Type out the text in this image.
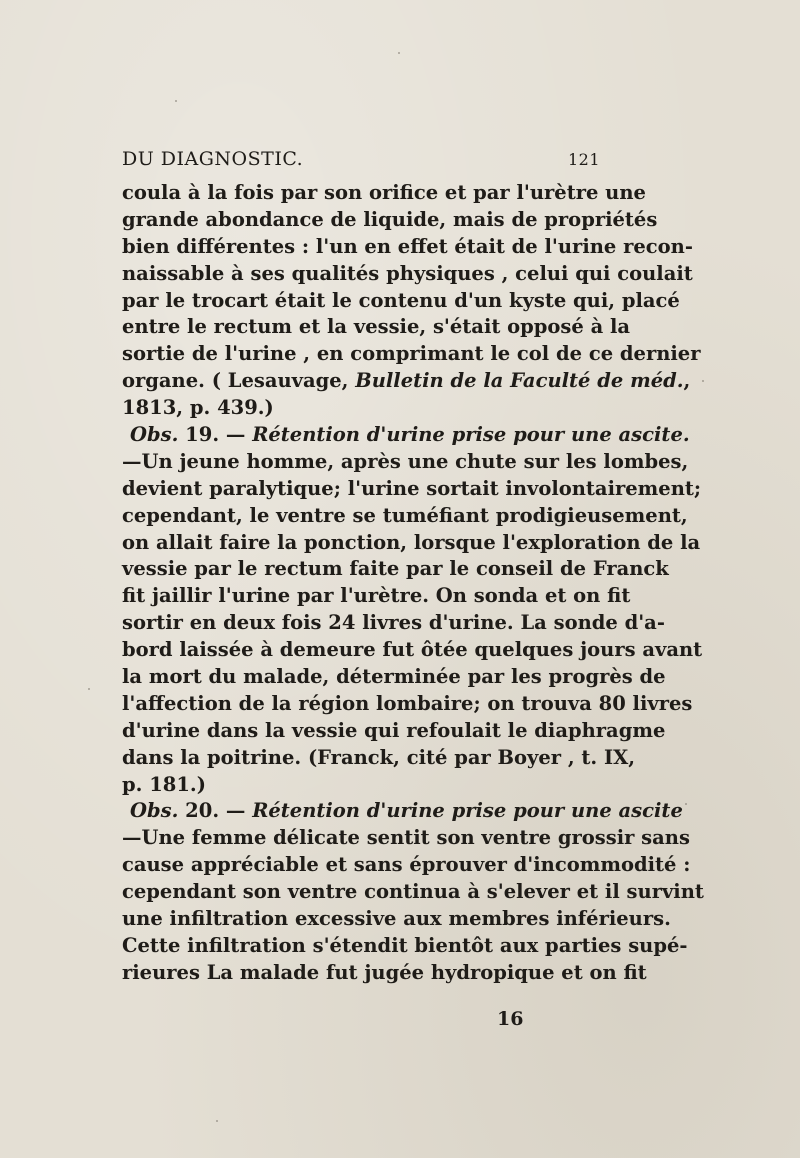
DU DIAGNOSTIC.	121
coula à la fois par son orifice et par l'urètre une
grande abondance de liquide, mais de propriétés
bien différentes : l'un en effet était de l'urine recon-
naissable à ses qualités physiques , celui qui coulait
par le trocart était le contenu d'un kyste qui, placé
entre le rectum et la vessie, s'était opposé à la
sortie de l'urine , en comprimant le col de ce dernier
organe. ( Lesauvage, Bulletin de la Faculté de méd.,
1813, p. 439.)
Obs. 19. — Rétention d'urine prise pour une ascite.
—Un jeune homme, après une chute sur les lombes,
devient paralytique; l'urine sortait involontairement;
cependant, le ventre se tuméfiant prodigieusement,
on allait faire la ponction, lorsque l'exploration de la
vessie par le rectum faite par le conseil de Franck
fit jaillir l'urine par l'urètre. On sonda et on fit
sortir en deux fois 24 livres d'urine. La sonde d'a-
bord laissée à demeure fut ôtée quelques jours avant
la mort du malade, déterminée par les progrès de
l'affection de la région lombaire; on trouva 80 livres
d'urine dans la vessie qui refoulait le diaphragme
dans la poitrine. (Franck, cité par Boyer , t. IX,
p. 181.)
Obs. 20. — Rétention d'urine prise pour une ascite
—Une femme délicate sentit son ventre grossir sans
cause appréciable et sans éprouver d'incommodité :
cependant son ventre continua à s'elever et il survint
une infiltration excessive aux membres inférieurs.
Cette infiltration s'étendit bientôt aux parties supé-
rieures La malade fut jugée hydropique et on fit
16
